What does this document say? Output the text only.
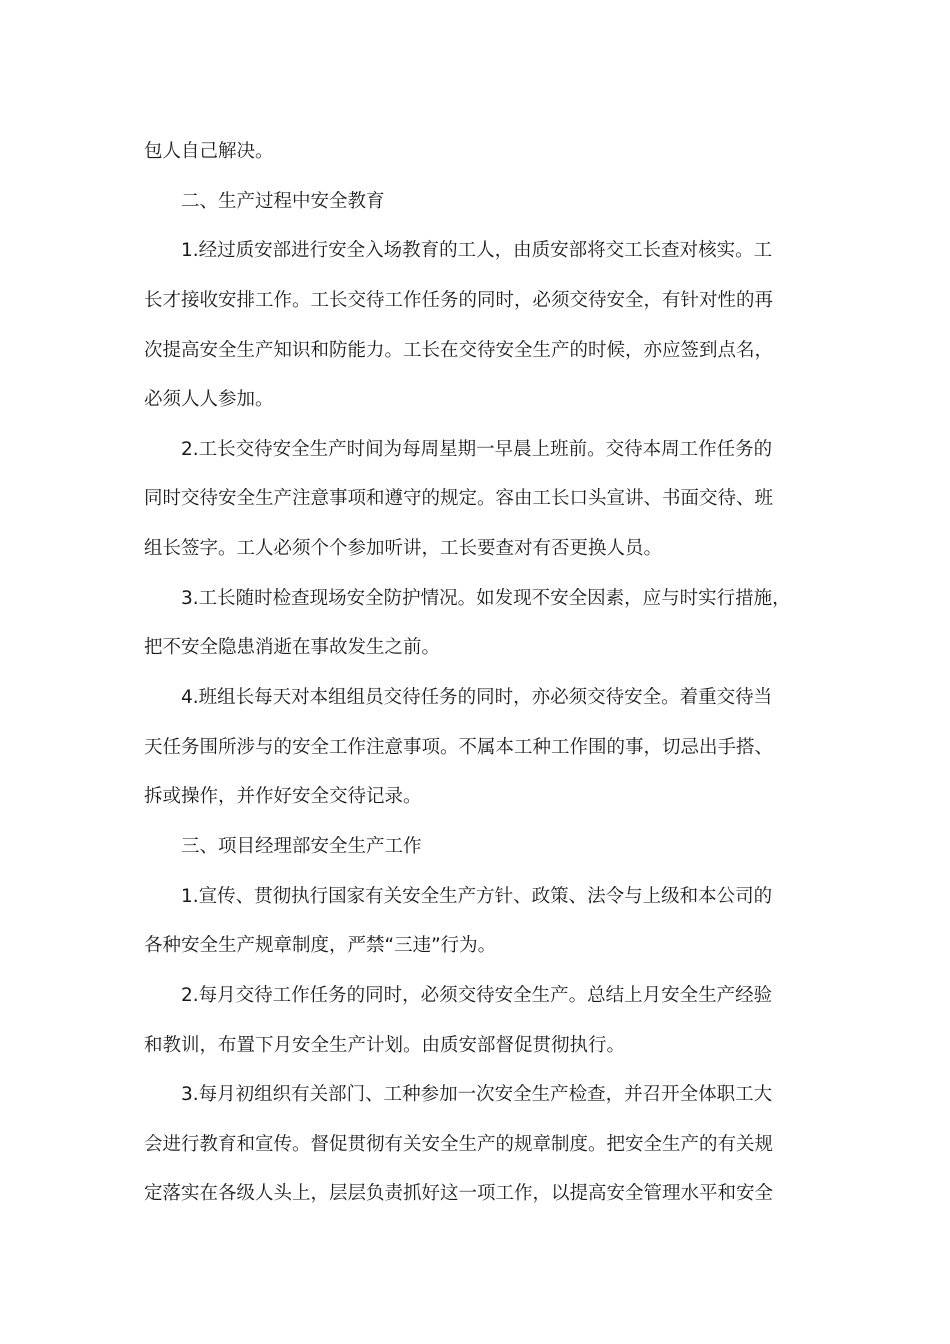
包人自己解决。
二、生产过程中安全教育
1.经过质安部进行安全入场教育的工人，由质安部将交工长查对核实。工
长才接收安排工作。工长交待工作任务的同时，必须交待安全，有针对性的再
次提高安全生产知识和防能力。工长在交待安全生产的时候，亦应签到点名，
必须人人参加。
2.工长交待安全生产时间为每周星期一早晨上班前。交待本周工作任务的
同时交待安全生产注意事项和遵守的规定。容由工长口头宣讲、书面交待、班
组长签字。工人必须个个参加听讲，工长要查对有否更换人员。
3.工长随时检查现场安全防护情况。如发现不安全因素，应与时实行措施，
把不安全隐患消逝在事故发生之前。
4.班组长每天对本组组员交待任务的同时，亦必须交待安全。着重交待当
天任务围所涉与的安全工作注意事项。不属本工种工作围的事，切忌出手搭、
拆或操作，并作好安全交待记录。
三、项目经理部安全生产工作
1.宣传、贯彻执行国家有关安全生产方针、政策、法令与上级和本公司的
各种安全生产规章制度，严禁“三违”行为。
2.每月交待工作任务的同时，必须交待安全生产。总结上月安全生产经验
和教训，布置下月安全生产计划。由质安部督促贯彻执行。
3.每月初组织有关部门、工种参加一次安全生产检查，并召开全体职工大
会进行教育和宣传。督促贯彻有关安全生产的规章制度。把安全生产的有关规
定落实在各级人头上，层层负责抓好这一项工作，以提高安全管理水平和安全
